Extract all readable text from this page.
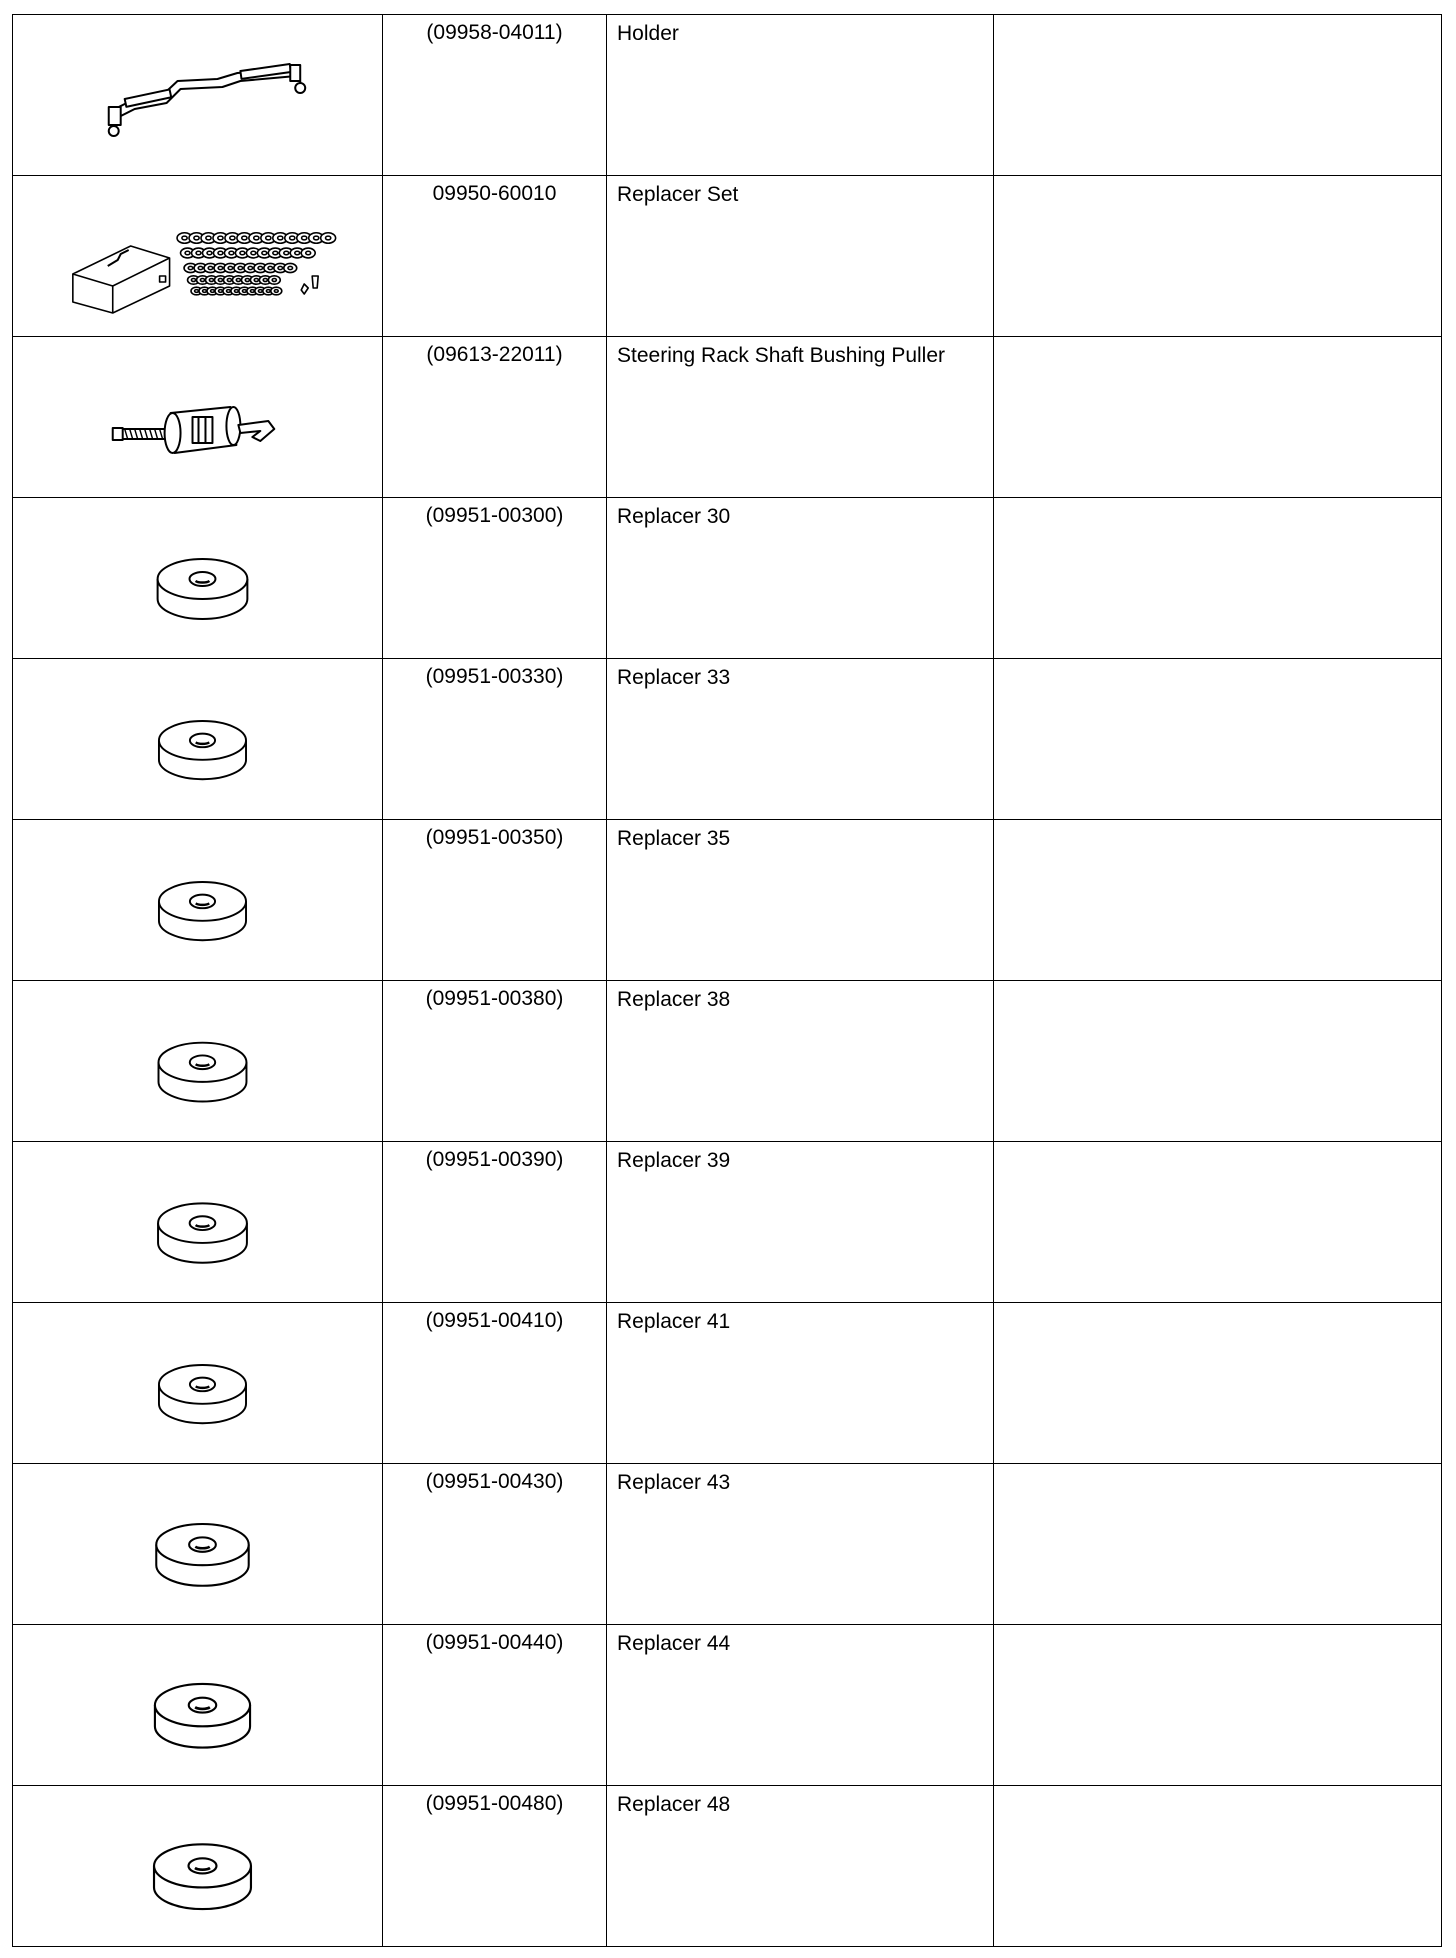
(09958-04011)	Holder	

09950-60010	Replacer Set	

(09613-22011)	Steering Rack Shaft Bushing Puller	

(09951-00300)	Replacer 30	

(09951-00330)	Replacer 33	

(09951-00350)	Replacer 35	

(09951-00380)	Replacer 38	

(09951-00390)	Replacer 39	

(09951-00410)	Replacer 41	

(09951-00430)	Replacer 43	

(09951-00440)	Replacer 44	

(09951-00480)	Replacer 48	
